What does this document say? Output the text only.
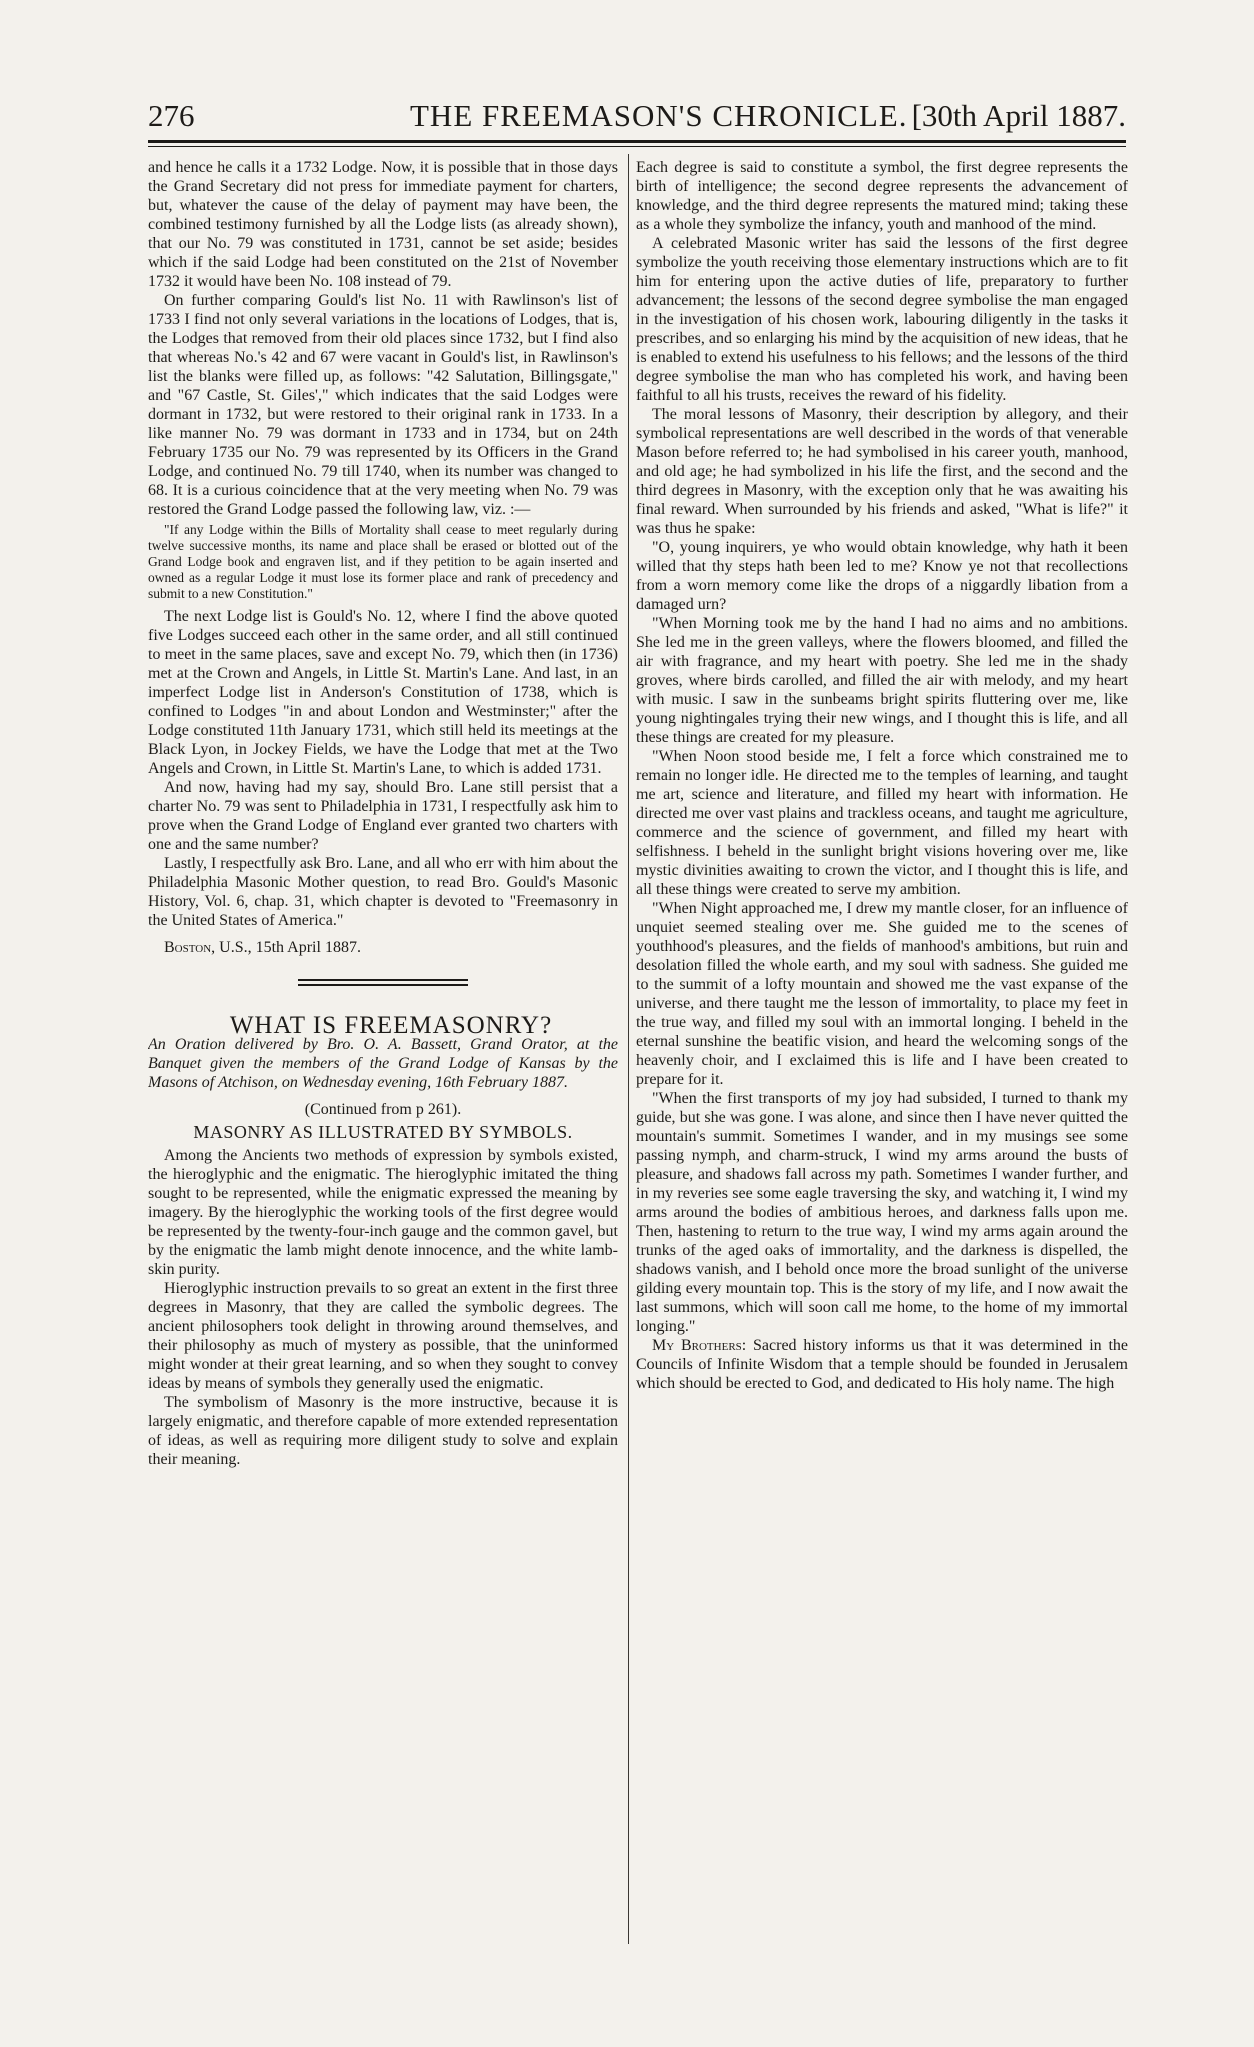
276	THE FREEMASON'S CHRONICLE. [30th April 1887.

and hence he calls it a 1732 Lodge. Now, it is possible that in those days the Grand Secretary did not press for immediate payment for charters, but, whatever the cause of the delay of payment may have been, the combined testimony furnished by all the Lodge lists (as already shown), that our No. 79 was constituted in 1731, cannot be set aside; besides which if the said Lodge had been constituted on the 21st of November 1732 it would have been No. 108 instead of 79.

On further comparing Gould's list No. 11 with Rawlinson's list of 1733 I find not only several variations in the locations of Lodges, that is, the Lodges that removed from their old places since 1732, but I find also that whereas No.'s 42 and 67 were vacant in Gould's list, in Rawlinson's list the blanks were filled up, as follows: "42 Salutation, Billingsgate," and "67 Castle, St. Giles'," which indicates that the said Lodges were dormant in 1732, but were restored to their original rank in 1733. In a like manner No. 79 was dormant in 1733 and in 1734, but on 24th February 1735 our No. 79 was represented by its Officers in the Grand Lodge, and continued No. 79 till 1740, when its number was changed to 68. It is a curious coincidence that at the very meeting when No. 79 was restored the Grand Lodge passed the following law, viz. :—

"If any Lodge within the Bills of Mortality shall cease to meet regularly during twelve successive months, its name and place shall be erased or blotted out of the Grand Lodge book and engraven list, and if they petition to be again inserted and owned as a regular Lodge it must lose its former place and rank of precedency and submit to a new Constitution."

The next Lodge list is Gould's No. 12, where I find the above quoted five Lodges succeed each other in the same order, and all still continued to meet in the same places, save and except No. 79, which then (in 1736) met at the Crown and Angels, in Little St. Martin's Lane. And last, in an imperfect Lodge list in Anderson's Constitution of 1738, which is confined to Lodges "in and about London and Westminster;" after the Lodge constituted 11th January 1731, which still held its meetings at the Black Lyon, in Jockey Fields, we have the Lodge that met at the Two Angels and Crown, in Little St. Martin's Lane, to which is added 1731.

And now, having had my say, should Bro. Lane still persist that a charter No. 79 was sent to Philadelphia in 1731, I respectfully ask him to prove when the Grand Lodge of England ever granted two charters with one and the same number?

Lastly, I respectfully ask Bro. Lane, and all who err with him about the Philadelphia Masonic Mother question, to read Bro. Gould's Masonic History, Vol. 6, chap. 31, which chapter is devoted to "Freemasonry in the United States of America."

Boston, U.S., 15th April 1887.

WHAT IS FREEMASONRY?

An Oration delivered by Bro. O. A. Bassett, Grand Orator, at the Banquet given the members of the Grand Lodge of Kansas by the Masons of Atchison, on Wednesday evening, 16th February 1887.

(Continued from p 261).

MASONRY AS ILLUSTRATED BY SYMBOLS.

Among the Ancients two methods of expression by symbols existed, the hieroglyphic and the enigmatic. The hieroglyphic imitated the thing sought to be represented, while the enigmatic expressed the meaning by imagery. By the hieroglyphic the working tools of the first degree would be represented by the twenty-four-inch gauge and the common gavel, but by the enigmatic the lamb might denote innocence, and the white lamb-skin purity.

Hieroglyphic instruction prevails to so great an extent in the first three degrees in Masonry, that they are called the symbolic degrees. The ancient philosophers took delight in throwing around themselves, and their philosophy as much of mystery as possible, that the uninformed might wonder at their great learning, and so when they sought to convey ideas by means of symbols they generally used the enigmatic.

The symbolism of Masonry is the more instructive, because it is largely enigmatic, and therefore capable of more extended representation of ideas, as well as requiring more diligent study to solve and explain their meaning.

Each degree is said to constitute a symbol, the first degree represents the birth of intelligence; the second degree represents the advancement of knowledge, and the third degree represents the matured mind; taking these as a whole they symbolize the infancy, youth and manhood of the mind.

A celebrated Masonic writer has said the lessons of the first degree symbolize the youth receiving those elementary instructions which are to fit him for entering upon the active duties of life, preparatory to further advancement; the lessons of the second degree symbolise the man engaged in the investigation of his chosen work, labouring diligently in the tasks it prescribes, and so enlarging his mind by the acquisition of new ideas, that he is enabled to extend his usefulness to his fellows; and the lessons of the third degree symbolise the man who has completed his work, and having been faithful to all his trusts, receives the reward of his fidelity.

The moral lessons of Masonry, their description by allegory, and their symbolical representations are well described in the words of that venerable Mason before referred to; he had symbolised in his career youth, manhood, and old age; he had symbolized in his life the first, and the second and the third degrees in Masonry, with the exception only that he was awaiting his final reward. When surrounded by his friends and asked, "What is life?" it was thus he spake:

"O, young inquirers, ye who would obtain knowledge, why hath it been willed that thy steps hath been led to me? Know ye not that recollections from a worn memory come like the drops of a niggardly libation from a damaged urn?

"When Morning took me by the hand I had no aims and no ambitions. She led me in the green valleys, where the flowers bloomed, and filled the air with fragrance, and my heart with poetry. She led me in the shady groves, where birds carolled, and filled the air with melody, and my heart with music. I saw in the sunbeams bright spirits fluttering over me, like young nightingales trying their new wings, and I thought this is life, and all these things are created for my pleasure.

"When Noon stood beside me, I felt a force which constrained me to remain no longer idle. He directed me to the temples of learning, and taught me art, science and literature, and filled my heart with information. He directed me over vast plains and trackless oceans, and taught me agriculture, commerce and the science of government, and filled my heart with selfishness. I beheld in the sunlight bright visions hovering over me, like mystic divinities awaiting to crown the victor, and I thought this is life, and all these things were created to serve my ambition.

"When Night approached me, I drew my mantle closer, for an influence of unquiet seemed stealing over me. She guided me to the scenes of youthhood's pleasures, and the fields of manhood's ambitions, but ruin and desolation filled the whole earth, and my soul with sadness. She guided me to the summit of a lofty mountain and showed me the vast expanse of the universe, and there taught me the lesson of immortality, to place my feet in the true way, and filled my soul with an immortal longing. I beheld in the eternal sunshine the beatific vision, and heard the welcoming songs of the heavenly choir, and I exclaimed this is life and I have been created to prepare for it.

"When the first transports of my joy had subsided, I turned to thank my guide, but she was gone. I was alone, and since then I have never quitted the mountain's summit. Sometimes I wander, and in my musings see some passing nymph, and charm-struck, I wind my arms around the busts of pleasure, and shadows fall across my path. Sometimes I wander further, and in my reveries see some eagle traversing the sky, and watching it, I wind my arms around the bodies of ambitious heroes, and darkness falls upon me. Then, hastening to return to the true way, I wind my arms again around the trunks of the aged oaks of immortality, and the darkness is dispelled, the shadows vanish, and I behold once more the broad sunlight of the universe gilding every mountain top. This is the story of my life, and I now await the last summons, which will soon call me home, to the home of my immortal longing."

My Brothers: Sacred history informs us that it was determined in the Councils of Infinite Wisdom that a temple should be founded in Jerusalem which should be erected to God, and dedicated to His holy name. The high
